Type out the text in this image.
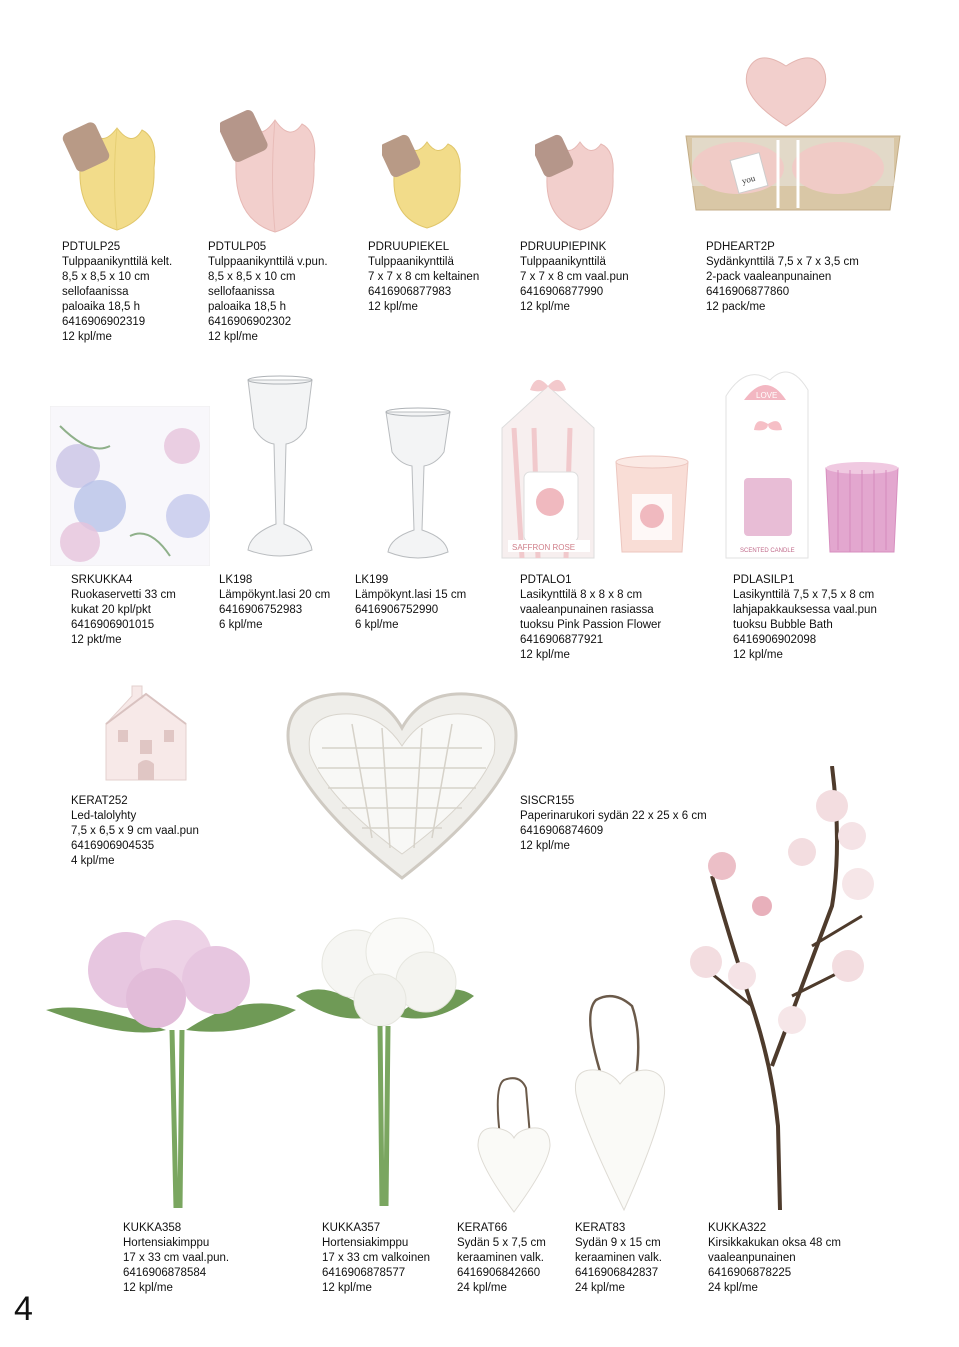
you
PDTULP25
Tulppaanikynttilä kelt.
8,5 x 8,5 x 10 cm
sellofaanissa
paloaika 18,5 h
6416906902319
12 kpl/me
PDTULP05
Tulppaanikynttilä v.pun.
8,5 x 8,5 x 10 cm
sellofaanissa
paloaika 18,5 h
6416906902302
12 kpl/me
PDRUUPIEKEL
Tulppaanikynttilä
7 x 7 x 8 cm keltainen
6416906877983
12 kpl/me
PDRUUPIEPINK
Tulppaanikynttilä
7 x 7 x 8 cm vaal.pun
6416906877990
12 kpl/me
PDHEART2P
Sydänkynttilä 7,5 x 7 x 3,5 cm
2-pack vaaleanpunainen
6416906877860
12 pack/me
SAFFRON ROSE
LOVE
SCENTED CANDLE
SRKUKKA4
Ruokaservetti 33 cm
kukat 20 kpl/pkt
6416906901015
12 pkt/me
LK198
Lämpökynt.lasi 20 cm
6416906752983
6 kpl/me
LK199
Lämpökynt.lasi 15 cm
6416906752990
6 kpl/me
PDTALO1
Lasikynttilä 8 x 8 x 8 cm
vaaleanpunainen rasiassa
tuoksu Pink Passion Flower
6416906877921
12 kpl/me
PDLASILP1
Lasikynttilä 7,5 x 7,5 x 8 cm
lahjapakkauksessa vaal.pun
tuoksu Bubble Bath
6416906902098
12 kpl/me
KERAT252
Led-talolyhty
7,5 x 6,5 x 9 cm vaal.pun
6416906904535
4 kpl/me
SISCR155
Paperinarukori sydän 22 x 25 x 6 cm
6416906874609
12 kpl/me
KUKKA358
Hortensiakimppu
17 x 33 cm vaal.pun.
6416906878584
12 kpl/me
KUKKA357
Hortensiakimppu
17 x 33 cm valkoinen
6416906878577
12 kpl/me
KERAT66
Sydän 5 x 7,5 cm
keraaminen valk.
6416906842660
24 kpl/me
KERAT83
Sydän 9 x 15 cm
keraaminen valk.
6416906842837
24 kpl/me
KUKKA322
Kirsikkakukan oksa 48 cm
vaaleanpunainen
6416906878225
24 kpl/me
4
